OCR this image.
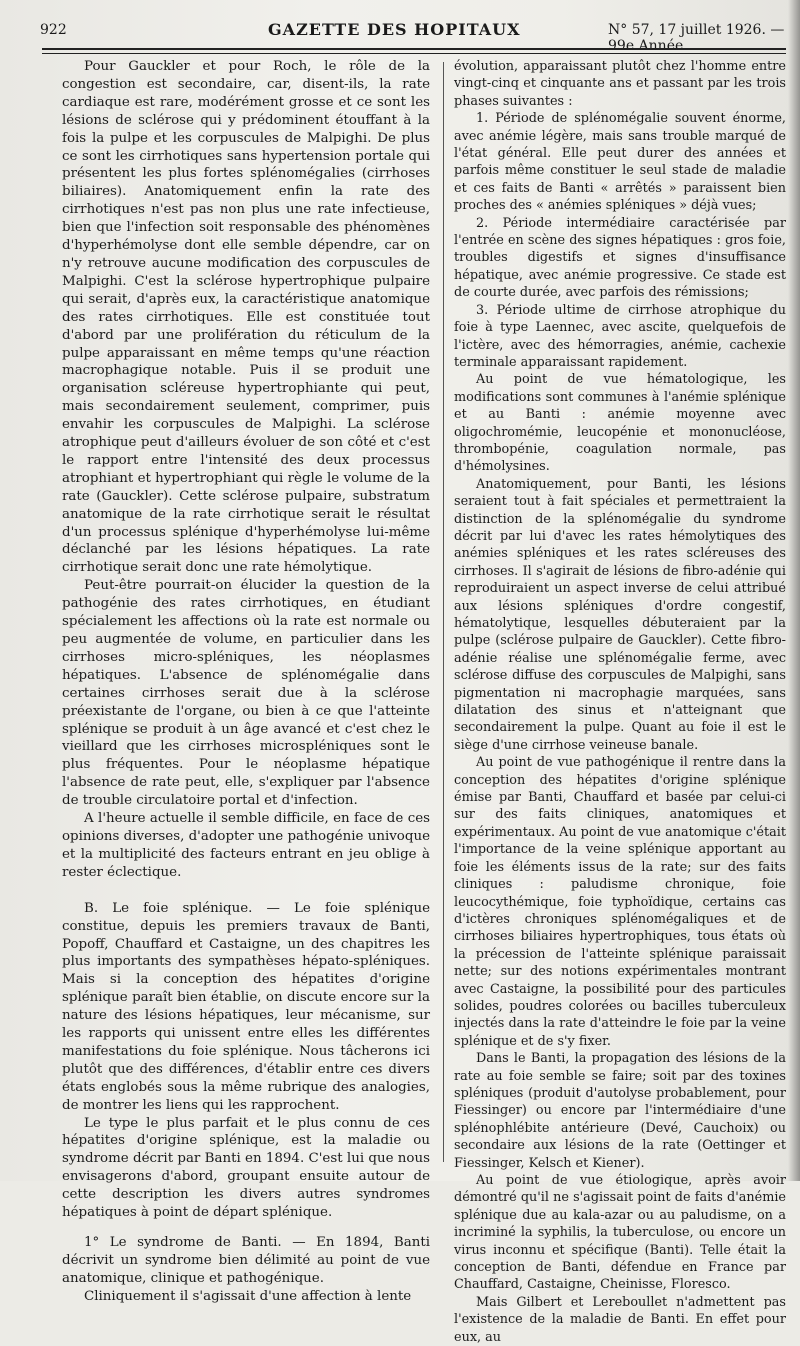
922	GAZETTE DES HOPITAUX	N° 57, 17 juillet 1926. — 99e Année.

Pour Gauckler et pour Roch, le rôle de la congestion est secondaire, car, disent-ils, la rate cardiaque est rare, modérément grosse et ce sont les lésions de sclérose qui y prédominent étouffant à la fois la pulpe et les corpuscules de Malpighi. De plus ce sont les cirrhotiques sans hypertension portale qui présentent les plus fortes splénomégalies (cirrhoses biliaires). Anatomiquement enfin la rate des cirrhotiques n'est pas non plus une rate infectieuse, bien que l'infection soit responsable des phénomènes d'hyperhémolyse dont elle semble dépendre, car on n'y retrouve aucune modification des corpuscules de Malpighi. C'est la sclérose hypertrophique pulpaire qui serait, d'après eux, la caractéristique anatomique des rates cirrhotiques. Elle est constituée tout d'abord par une prolifération du réticulum de la pulpe apparaissant en même temps qu'une réaction macrophagique notable. Puis il se produit une organisation scléreuse hypertrophiante qui peut, mais secondairement seulement, comprimer, puis envahir les corpuscules de Malpighi. La sclérose atrophique peut d'ailleurs évoluer de son côté et c'est le rapport entre l'intensité des deux processus atrophiant et hypertrophiant qui règle le volume de la rate (Gauckler). Cette sclérose pulpaire, substratum anatomique de la rate cirrhotique serait le résultat d'un processus splénique d'hyperhémolyse lui-même déclanché par les lésions hépatiques. La rate cirrhotique serait donc une rate hémolytique.

Peut-être pourrait-on élucider la question de la pathogénie des rates cirrhotiques, en étudiant spécialement les affections où la rate est normale ou peu augmentée de volume, en particulier dans les cirrhoses micro-spléniques, les néoplasmes hépatiques. L'absence de splénomégalie dans certaines cirrhoses serait due à la sclérose préexistante de l'organe, ou bien à ce que l'atteinte splénique se produit à un âge avancé et c'est chez le vieillard que les cirrhoses microspléniques sont le plus fréquentes. Pour le néoplasme hépatique l'absence de rate peut, elle, s'expliquer par l'absence de trouble circulatoire portal et d'infection.

A l'heure actuelle il semble difficile, en face de ces opinions diverses, d'adopter une pathogénie univoque et la multiplicité des facteurs entrant en jeu oblige à rester éclectique.

B. Le foie splénique. — Le foie splénique constitue, depuis les premiers travaux de Banti, Popoff, Chauffard et Castaigne, un des chapitres les plus importants des sympathèses hépato-spléniques. Mais si la conception des hépatites d'origine splénique paraît bien établie, on discute encore sur la nature des lésions hépatiques, leur mécanisme, sur les rapports qui unissent entre elles les différentes manifestations du foie splénique. Nous tâcherons ici plutôt que des différences, d'établir entre ces divers états englobés sous la même rubrique des analogies, de montrer les liens qui les rapprochent.

Le type le plus parfait et le plus connu de ces hépatites d'origine splénique, est la maladie ou syndrome décrit par Banti en 1894. C'est lui que nous envisagerons d'abord, groupant ensuite autour de cette description les divers autres syndromes hépatiques à point de départ splénique.

1° Le syndrome de Banti. — En 1894, Banti décrivit un syndrome bien délimité au point de vue anatomique, clinique et pathogénique.

Cliniquement il s'agissait d'une affection à lente

évolution, apparaissant plutôt chez l'homme entre vingt-cinq et cinquante ans et passant par les trois phases suivantes :

1. Période de splénomégalie souvent énorme, avec anémie légère, mais sans trouble marqué de l'état général. Elle peut durer des années et parfois même constituer le seul stade de maladie et ces faits de Banti « arrêtés » paraissent bien proches des « anémies spléniques » déjà vues;

2. Période intermédiaire caractérisée par l'entrée en scène des signes hépatiques : gros foie, troubles digestifs et signes d'insuffisance hépatique, avec anémie progressive. Ce stade est de courte durée, avec parfois des rémissions;

3. Période ultime de cirrhose atrophique du foie à type Laennec, avec ascite, quelquefois de l'ictère, avec des hémorragies, anémie, cachexie terminale apparaissant rapidement.

Au point de vue hématologique, les modifications sont communes à l'anémie splénique et au Banti : anémie moyenne avec oligochromémie, leucopénie et mononucléose, thrombopénie, coagulation normale, pas d'hémolysines.

Anatomiquement, pour Banti, les lésions seraient tout à fait spéciales et permettraient la distinction de la splénomégalie du syndrome décrit par lui d'avec les rates hémolytiques des anémies spléniques et les rates scléreuses des cirrhoses. Il s'agirait de lésions de fibro-adénie qui reproduiraient un aspect inverse de celui attribué aux lésions spléniques d'ordre congestif, hématolytique, lesquelles débuteraient par la pulpe (sclérose pulpaire de Gauckler). Cette fibro-adénie réalise une splénomégalie ferme, avec sclérose diffuse des corpuscules de Malpighi, sans pigmentation ni macrophagie marquées, sans dilatation des sinus et n'atteignant que secondairement la pulpe. Quant au foie il est le siège d'une cirrhose veineuse banale.

Au point de vue pathogénique il rentre dans la conception des hépatites d'origine splénique émise par Banti, Chauffard et basée par celui-ci sur des faits cliniques, anatomiques et expérimentaux. Au point de vue anatomique c'était l'importance de la veine splénique apportant au foie les éléments issus de la rate; sur des faits cliniques : paludisme chronique, foie leucocythémique, foie typhoïdique, certains cas d'ictères chroniques splénomégaliques et de cirrhoses biliaires hypertrophiques, tous états où la précession de l'atteinte splénique paraissait nette; sur des notions expérimentales montrant avec Castaigne, la possibilité pour des particules solides, poudres colorées ou bacilles tuberculeux injectés dans la rate d'atteindre le foie par la veine splénique et de s'y fixer.

Dans le Banti, la propagation des lésions de la rate au foie semble se faire; soit par des toxines spléniques (produit d'autolyse probablement, pour Fiessinger) ou encore par l'intermédiaire d'une splénophlébite antérieure (Devé, Cauchoix) ou secondaire aux lésions de la rate (Oettinger et Fiessinger, Kelsch et Kiener).

Au point de vue étiologique, après avoir démontré qu'il ne s'agissait point de faits d'anémie splénique due au kala-azar ou au paludisme, on a incriminé la syphilis, la tuberculose, ou encore un virus inconnu et spécifique (Banti). Telle était la conception de Banti, défendue en France par Chauffard, Castaigne, Cheinisse, Floresco.

Mais Gilbert et Lereboullet n'admettent pas l'existence de la maladie de Banti. En effet pour eux, au
